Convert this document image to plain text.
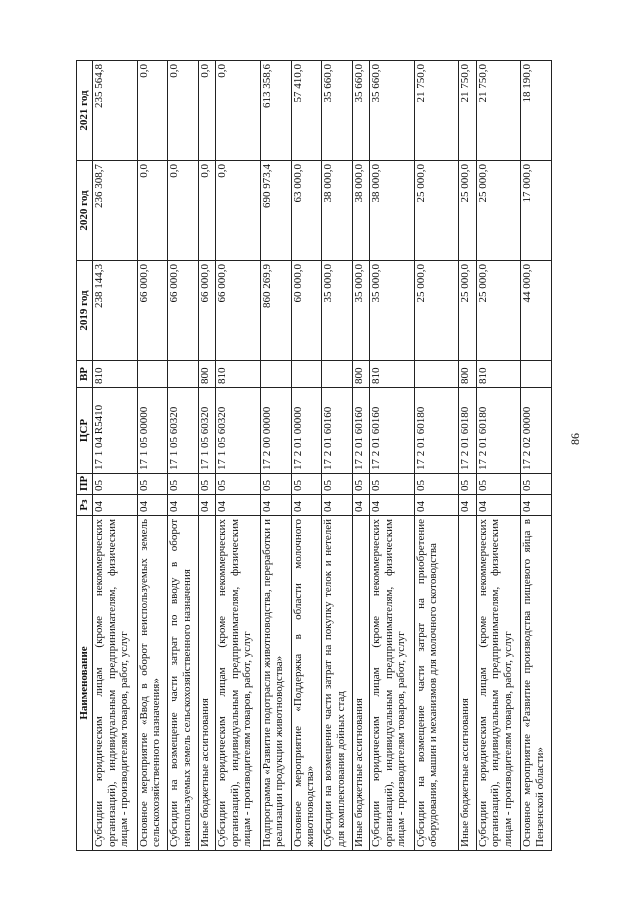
86
Наименование	Рз	ПР	ЦСР	ВР	2019 год	2020 год	2021 год
Субсидии юридическим лицам (кроме некоммерческих организаций), индивидуальным предпринимателям, физическим лицам - производителям товаров, работ, услуг	04	05	17 1 04 R5410	810	238 144,3	236 308,7	235 564,8
Основное мероприятие «Ввод в оборот неиспользуемых земель сельскохозяйственного назначения»	04	05	17 1 05 00000		66 000,0	0,0	0,0
Субсидии на возмещение части затрат по вводу в оборот неиспользуемых земель сельскохозяйственного назначения	04	05	17 1 05 60320		66 000,0	0,0	0,0
Иные бюджетные ассигнования	04	05	17 1 05 60320	800	66 000,0	0,0	0,0
Субсидии юридическим лицам (кроме некоммерческих организаций), индивидуальным предпринимателям, физическим лицам - производителям товаров, работ, услуг	04	05	17 1 05 60320	810	66 000,0	0,0	0,0
Подпрограмма «Развитие подотрасли животноводства, переработки и реализации продукции животноводства»	04	05	17 2 00 00000		860 269,9	690 973,4	613 358,6
Основное мероприятие «Поддержка в области молочного животноводства»	04	05	17 2 01 00000		60 000,0	63 000,0	57 410,0
Субсидии на возмещение части затрат на покупку телок и нетелей для комплектования дойных стад	04	05	17 2 01 60160		35 000,0	38 000,0	35 660,0
Иные бюджетные ассигнования	04	05	17 2 01 60160	800	35 000,0	38 000,0	35 660,0
Субсидии юридическим лицам (кроме некоммерческих организаций), индивидуальным предпринимателям, физическим лицам - производителям товаров, работ, услуг	04	05	17 2 01 60160	810	35 000,0	38 000,0	35 660,0
Субсидии на возмещение части затрат на приобретение оборудования, машин и механизмов для молочного скотоводства	04	05	17 2 01 60180		25 000,0	25 000,0	21 750,0
Иные бюджетные ассигнования	04	05	17 2 01 60180	800	25 000,0	25 000,0	21 750,0
Субсидии юридическим лицам (кроме некоммерческих организаций), индивидуальным предпринимателям, физическим лицам - производителям товаров, работ, услуг	04	05	17 2 01 60180	810	25 000,0	25 000,0	21 750,0
Основное мероприятие «Развитие производства пищевого яйца в Пензенской области»	04	05	17 2 02 00000		44 000,0	17 000,0	18 190,0
